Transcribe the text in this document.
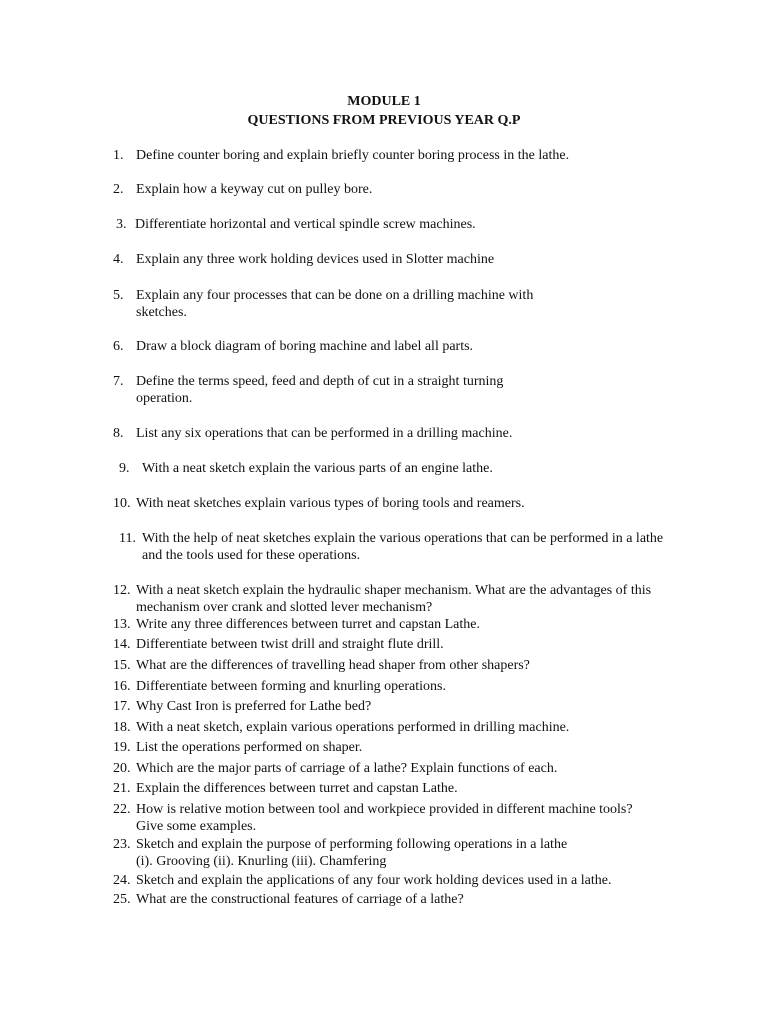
MODULE 1
QUESTIONS FROM PREVIOUS YEAR Q.P
1. Define counter boring and explain briefly counter boring process in the lathe.
2. Explain how a keyway cut on pulley bore.
3. Differentiate horizontal and vertical spindle screw machines.
4. Explain any three work holding devices used in Slotter machine
5. Explain any four processes that can be done on a drilling machine with
sketches.
6. Draw a block diagram of boring machine and label all parts.
7. Define the terms speed, feed and depth of cut in a straight turning
operation.
8. List any six operations that can be performed in a drilling machine.
9. With a neat sketch explain the various parts of an engine lathe.
10. With neat sketches explain various types of boring tools and reamers.
11. With the help of neat sketches explain the various operations that can be performed in a lathe
and the tools used for these operations.
12. With a neat sketch explain the hydraulic shaper mechanism. What are the advantages of this
mechanism over crank and slotted lever mechanism?
13. Write any three differences between turret and capstan Lathe.
14. Differentiate between twist drill and straight flute drill.
15. What are the differences of travelling head shaper from other shapers?
16. Differentiate between forming and knurling operations.
17. Why Cast Iron is preferred for Lathe bed?
18. With a neat sketch, explain various operations performed in drilling machine.
19. List the operations performed on shaper.
20. Which are the major parts of carriage of a lathe? Explain functions of each.
21. Explain the differences between turret and capstan Lathe.
22. How is relative motion between tool and workpiece provided in different machine tools?
Give some examples.
23. Sketch and explain the purpose of performing following operations in a lathe
(i). Grooving (ii). Knurling (iii). Chamfering
24. Sketch and explain the applications of any four work holding devices used in a lathe.
25. What are the constructional features of carriage of a lathe?
